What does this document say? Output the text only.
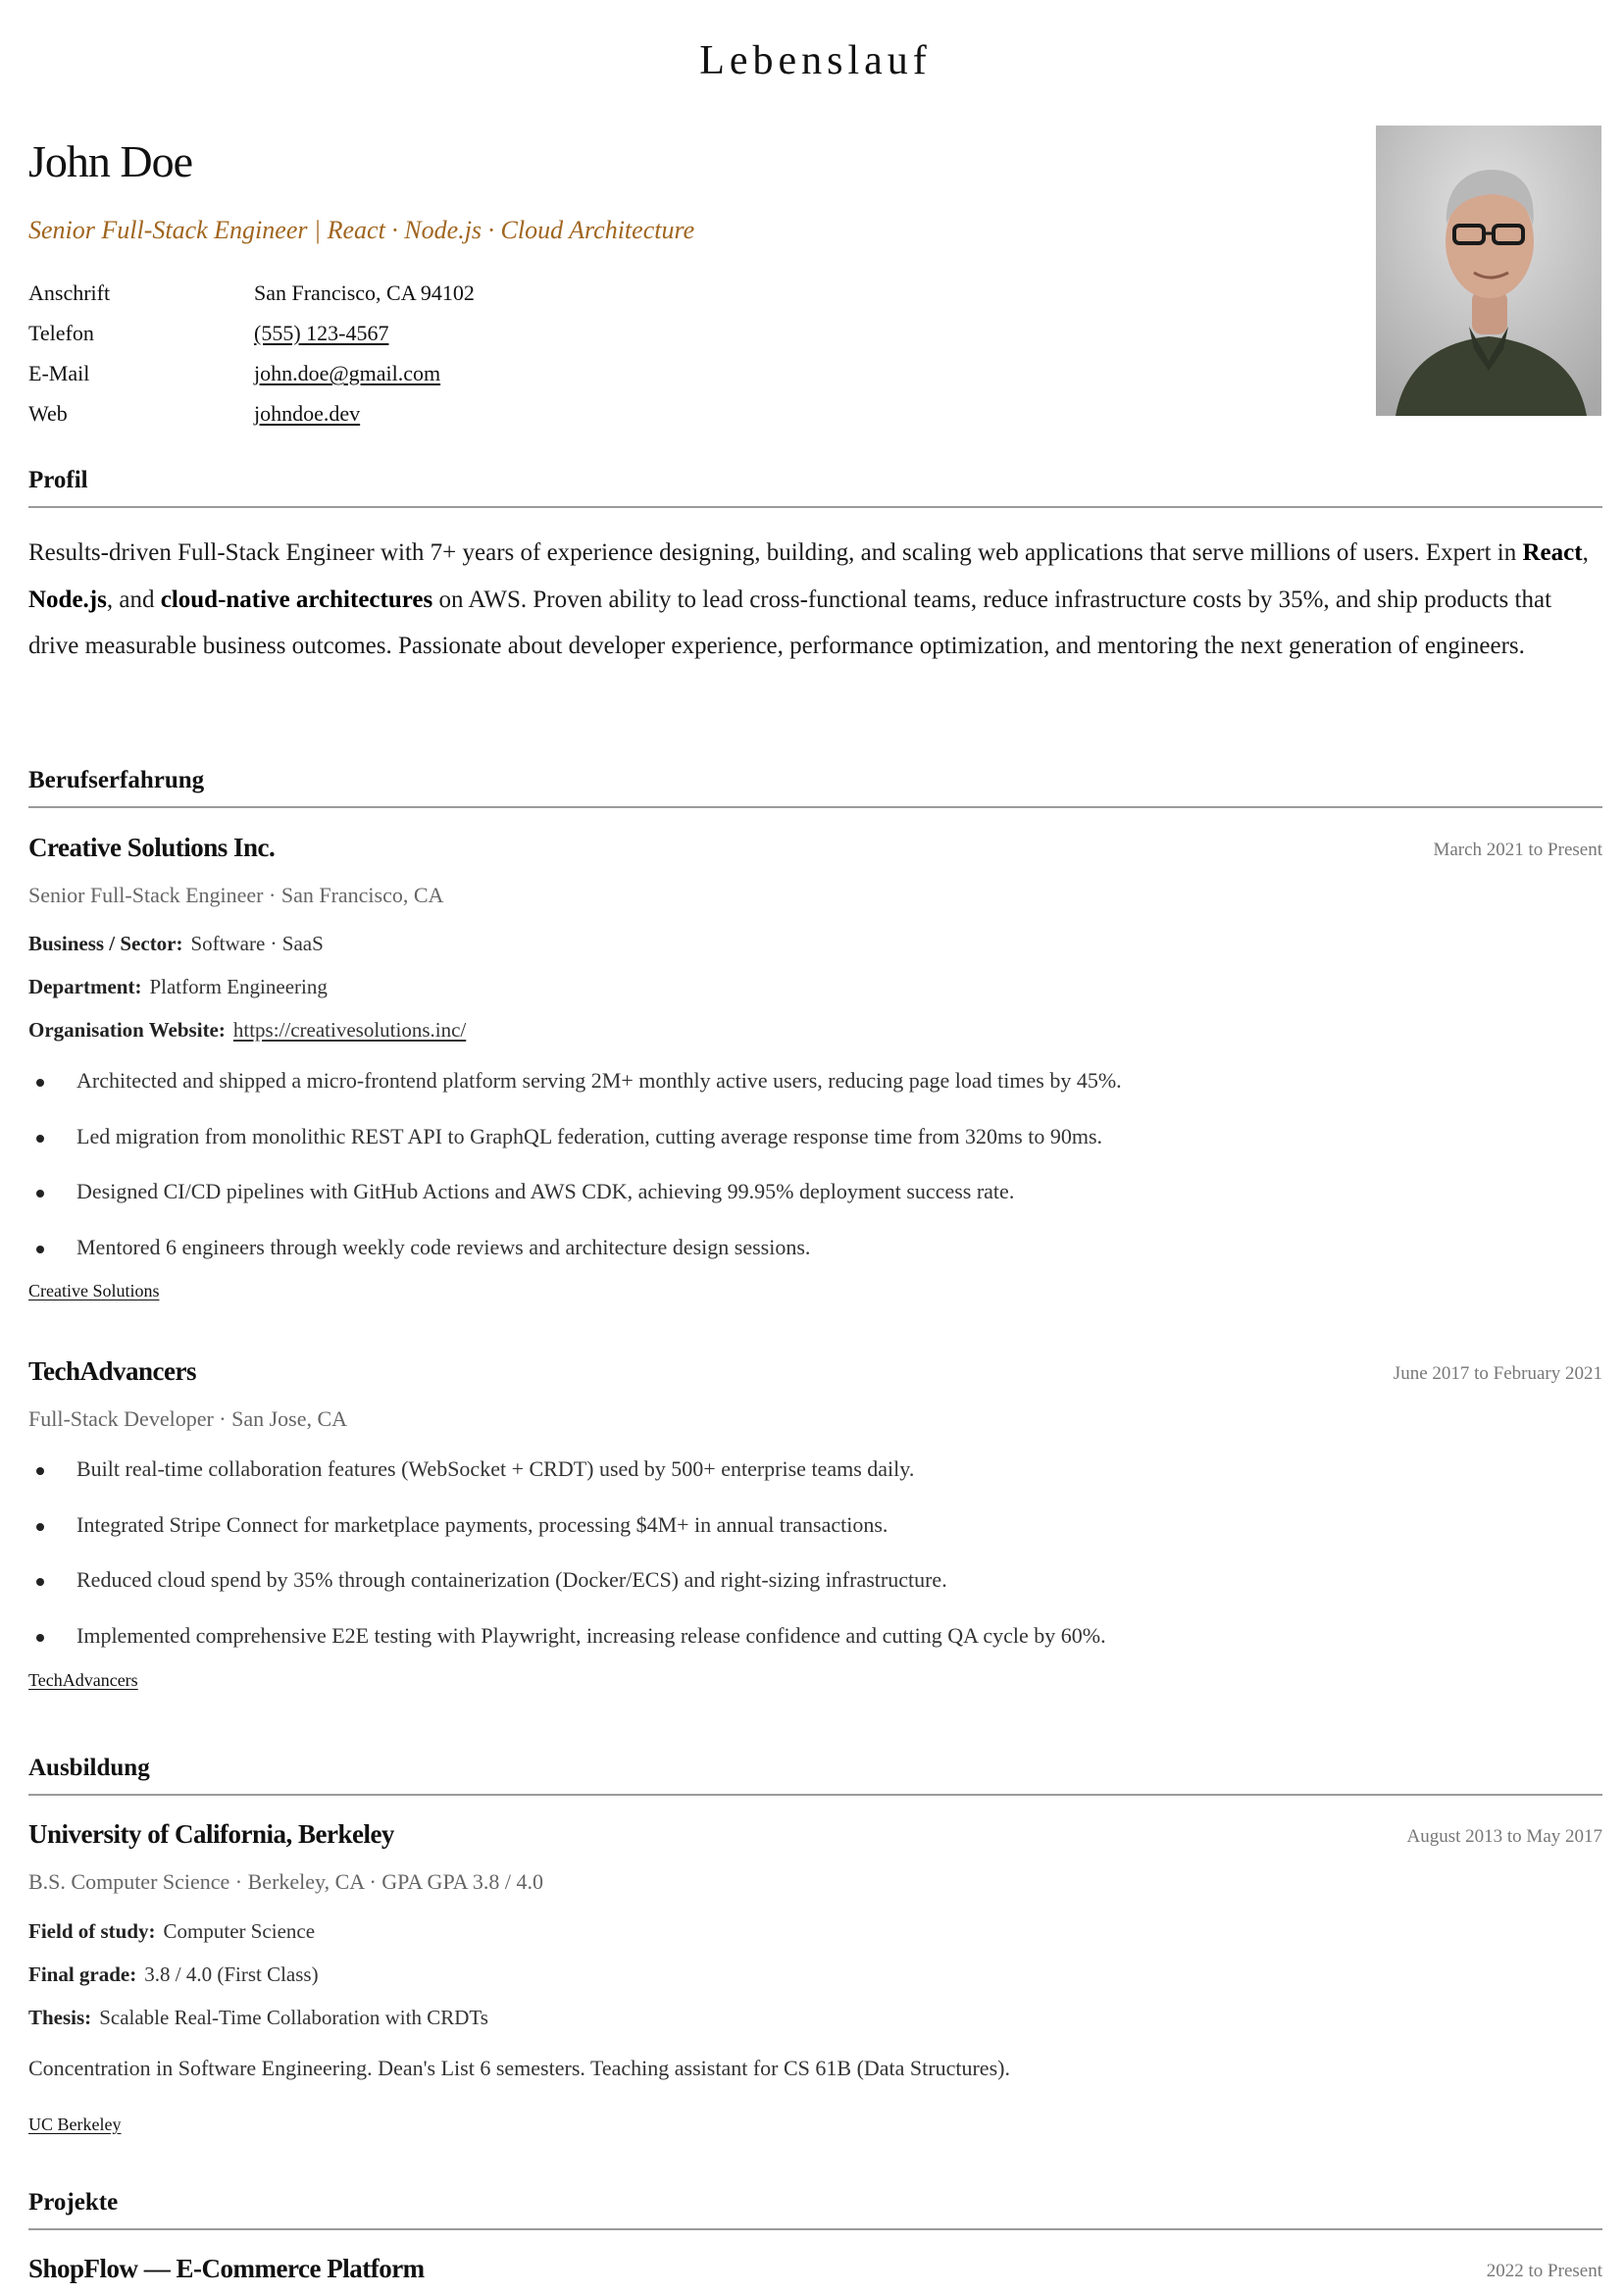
Lebenslauf
John Doe
Senior Full-Stack Engineer | React · Node.js · Cloud Architecture
Anschrift	San Francisco, CA 94102
Telefon	(555) 123-4567
E-Mail	john.doe@gmail.com
Web	johndoe.dev
Profil
Results-driven Full-Stack Engineer with 7+ years of experience designing, building, and scaling web applications that serve millions of users. Expert in React, Node.js, and cloud-native architectures on AWS. Proven ability to lead cross-functional teams, reduce infrastructure costs by 35%, and ship products that drive measurable business outcomes. Passionate about developer experience, performance optimization, and mentoring the next generation of engineers.
Berufserfahrung
Creative Solutions Inc.	March 2021 to Present
Senior Full-Stack Engineer · San Francisco, CA
Business / Sector: Software · SaaS
Department: Platform Engineering
Organisation Website: https://creativesolutions.inc/
Architected and shipped a micro-frontend platform serving 2M+ monthly active users, reducing page load times by 45%.
Led migration from monolithic REST API to GraphQL federation, cutting average response time from 320ms to 90ms.
Designed CI/CD pipelines with GitHub Actions and AWS CDK, achieving 99.95% deployment success rate.
Mentored 6 engineers through weekly code reviews and architecture design sessions.
Creative Solutions
TechAdvancers	June 2017 to February 2021
Full-Stack Developer · San Jose, CA
Built real-time collaboration features (WebSocket + CRDT) used by 500+ enterprise teams daily.
Integrated Stripe Connect for marketplace payments, processing $4M+ in annual transactions.
Reduced cloud spend by 35% through containerization (Docker/ECS) and right-sizing infrastructure.
Implemented comprehensive E2E testing with Playwright, increasing release confidence and cutting QA cycle by 60%.
TechAdvancers
Ausbildung
University of California, Berkeley	August 2013 to May 2017
B.S. Computer Science · Berkeley, CA · GPA GPA 3.8 / 4.0
Field of study: Computer Science
Final grade: 3.8 / 4.0 (First Class)
Thesis: Scalable Real-Time Collaboration with CRDTs
Concentration in Software Engineering. Dean's List 6 semesters. Teaching assistant for CS 61B (Data Structures).
UC Berkeley
Projekte
ShopFlow — E-Commerce Platform	2022 to Present
